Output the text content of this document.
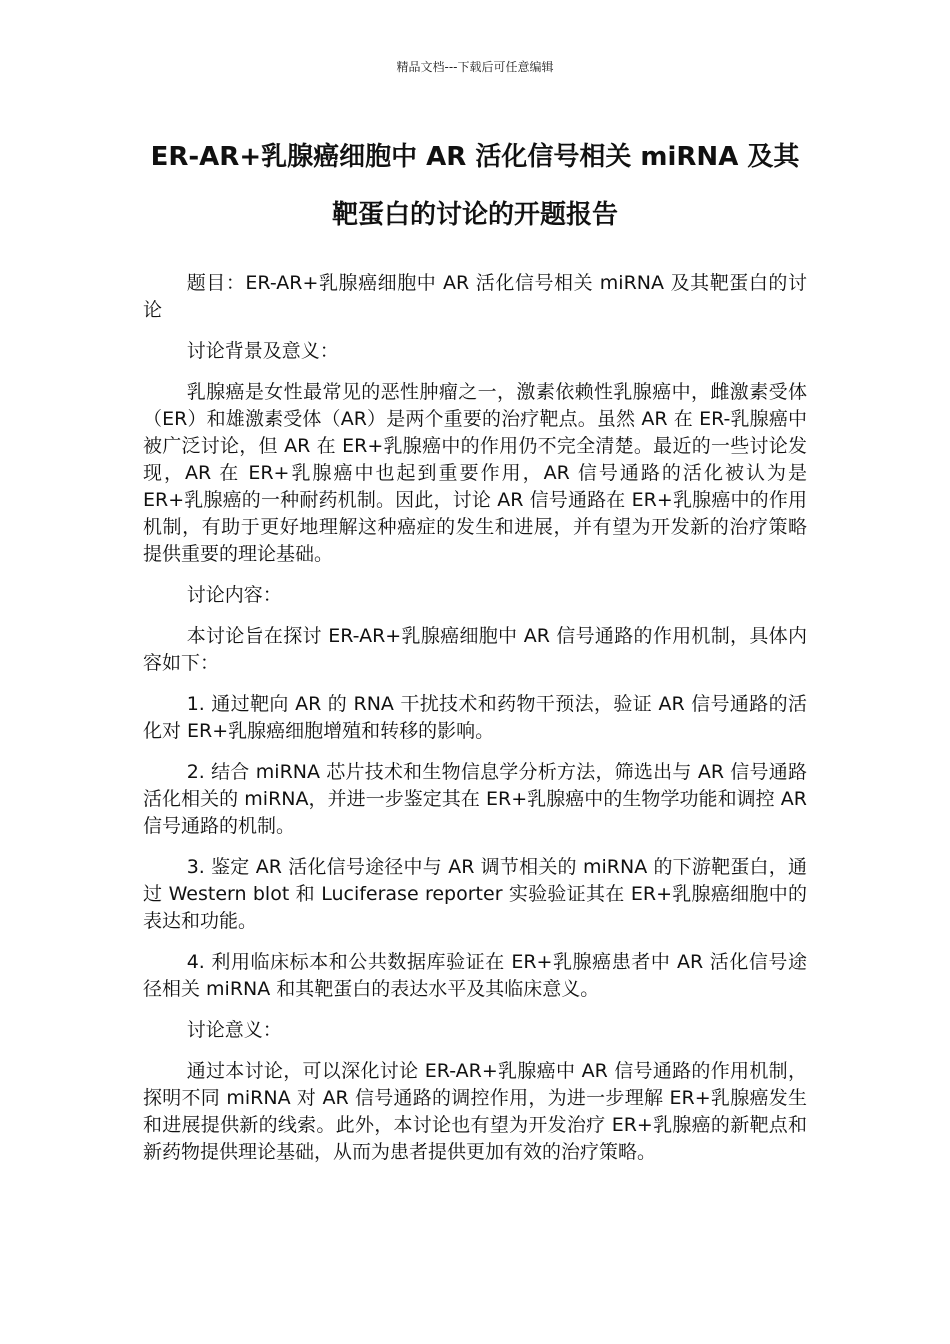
精品文档---下载后可任意编辑
ER-AR+乳腺癌细胞中 AR 活化信号相关 miRNA 及其靶蛋白的讨论的开题报告

题目：ER-AR+乳腺癌细胞中 AR 活化信号相关 miRNA 及其靶蛋白的讨论

讨论背景及意义：

乳腺癌是女性最常见的恶性肿瘤之一，激素依赖性乳腺癌中，雌激素受体（ER）和雄激素受体（AR）是两个重要的治疗靶点。虽然 AR 在 ER-乳腺癌中被广泛讨论，但 AR 在 ER+乳腺癌中的作用仍不完全清楚。最近的一些讨论发现，AR 在 ER+乳腺癌中也起到重要作用，AR 信号通路的活化被认为是 ER+乳腺癌的一种耐药机制。因此，讨论 AR 信号通路在 ER+乳腺癌中的作用机制，有助于更好地理解这种癌症的发生和进展，并有望为开发新的治疗策略提供重要的理论基础。

讨论内容：

本讨论旨在探讨 ER-AR+乳腺癌细胞中 AR 信号通路的作用机制，具体内容如下：

1. 通过靶向 AR 的 RNA 干扰技术和药物干预法，验证 AR 信号通路的活化对 ER+乳腺癌细胞增殖和转移的影响。

2. 结合 miRNA 芯片技术和生物信息学分析方法，筛选出与 AR 信号通路活化相关的 miRNA，并进一步鉴定其在 ER+乳腺癌中的生物学功能和调控 AR 信号通路的机制。

3. 鉴定 AR 活化信号途径中与 AR 调节相关的 miRNA 的下游靶蛋白，通过 Western blot 和 Luciferase reporter 实验验证其在 ER+乳腺癌细胞中的表达和功能。

4. 利用临床标本和公共数据库验证在 ER+乳腺癌患者中 AR 活化信号途径相关 miRNA 和其靶蛋白的表达水平及其临床意义。

讨论意义：

通过本讨论，可以深化讨论 ER-AR+乳腺癌中 AR 信号通路的作用机制，探明不同 miRNA 对 AR 信号通路的调控作用，为进一步理解 ER+乳腺癌发生和进展提供新的线索。此外，本讨论也有望为开发治疗 ER+乳腺癌的新靶点和新药物提供理论基础，从而为患者提供更加有效的治疗策略。
